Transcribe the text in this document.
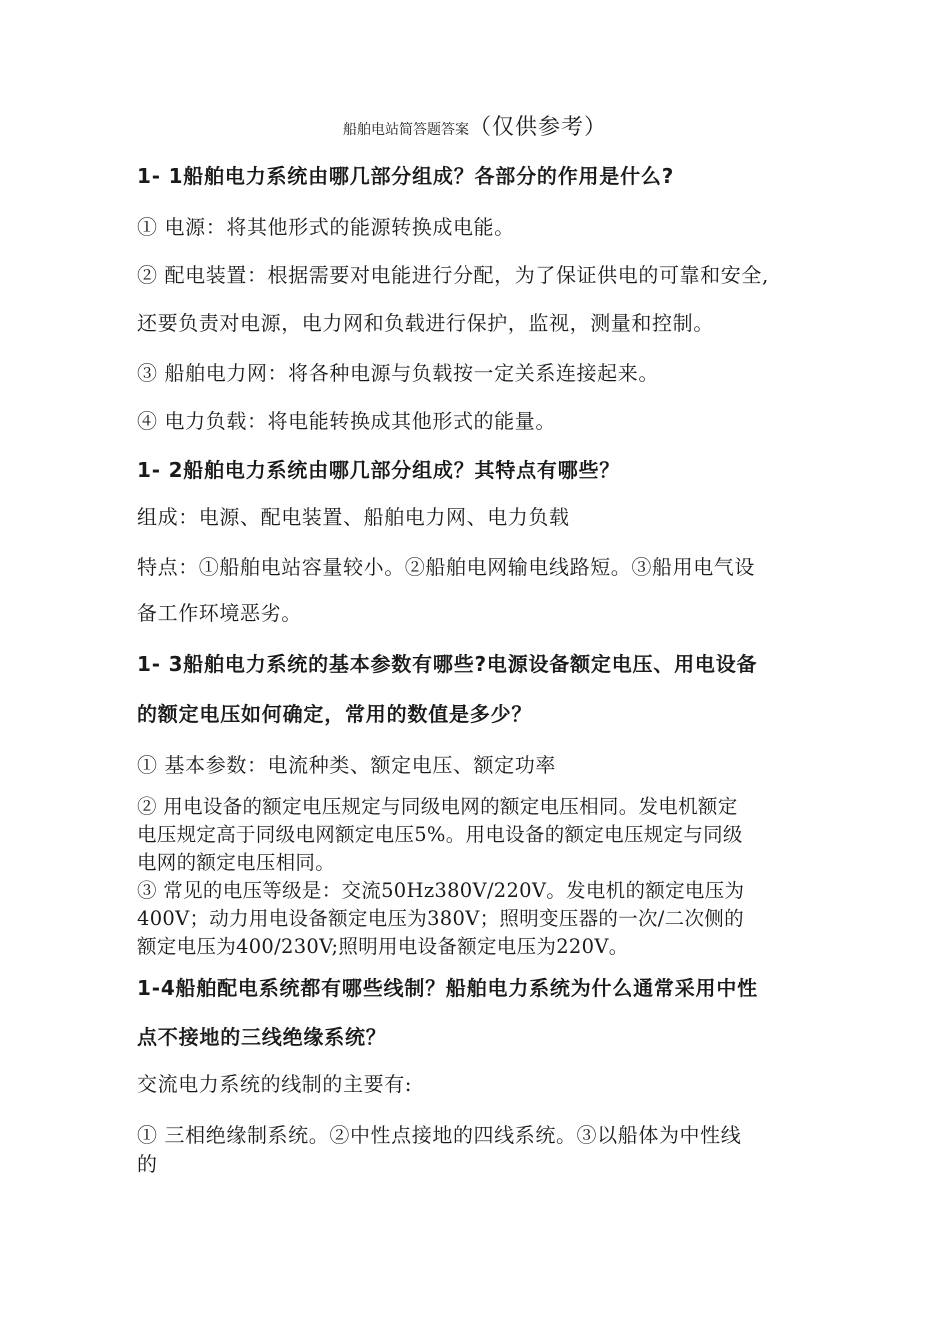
船舶电站简答题答案（仅供参考）
1- 1船舶电力系统由哪几部分组成？各部分的作用是什么?
① 电源：将其他形式的能源转换成电能。
② 配电装置：根据需要对电能进行分配，为了保证供电的可靠和安全,
还要负责对电源，电力网和负载进行保护，监视，测量和控制。
③ 船舶电力网：将各种电源与负载按一定关系连接起来。
④ 电力负载：将电能转换成其他形式的能量。
1- 2船舶电力系统由哪几部分组成？其特点有哪些？
组成：电源、配电装置、船舶电力网、电力负载
特点：①船舶电站容量较小。②船舶电网输电线路短。③船用电气设
备工作环境恶劣。
1- 3船舶电力系统的基本参数有哪些?电源设备额定电压、用电设备
的额定电压如何确定，常用的数值是多少？
① 基本参数：电流种类、额定电压、额定功率
② 用电设备的额定电压规定与同级电网的额定电压相同。发电机额定
电压规定高于同级电网额定电压5%。用电设备的额定电压规定与同级
电网的额定电压相同。
③ 常见的电压等级是：交流50Hz380V/220V。发电机的额定电压为
400V；动力用电设备额定电压为380V；照明变压器的一次/二次侧的
额定电压为400/230V;照明用电设备额定电压为220V。
1-4船舶配电系统都有哪些线制？船舶电力系统为什么通常采用中性
点不接地的三线绝缘系统？
交流电力系统的线制的主要有:
① 三相绝缘制系统。②中性点接地的四线系统。③以船体为中性线
的
